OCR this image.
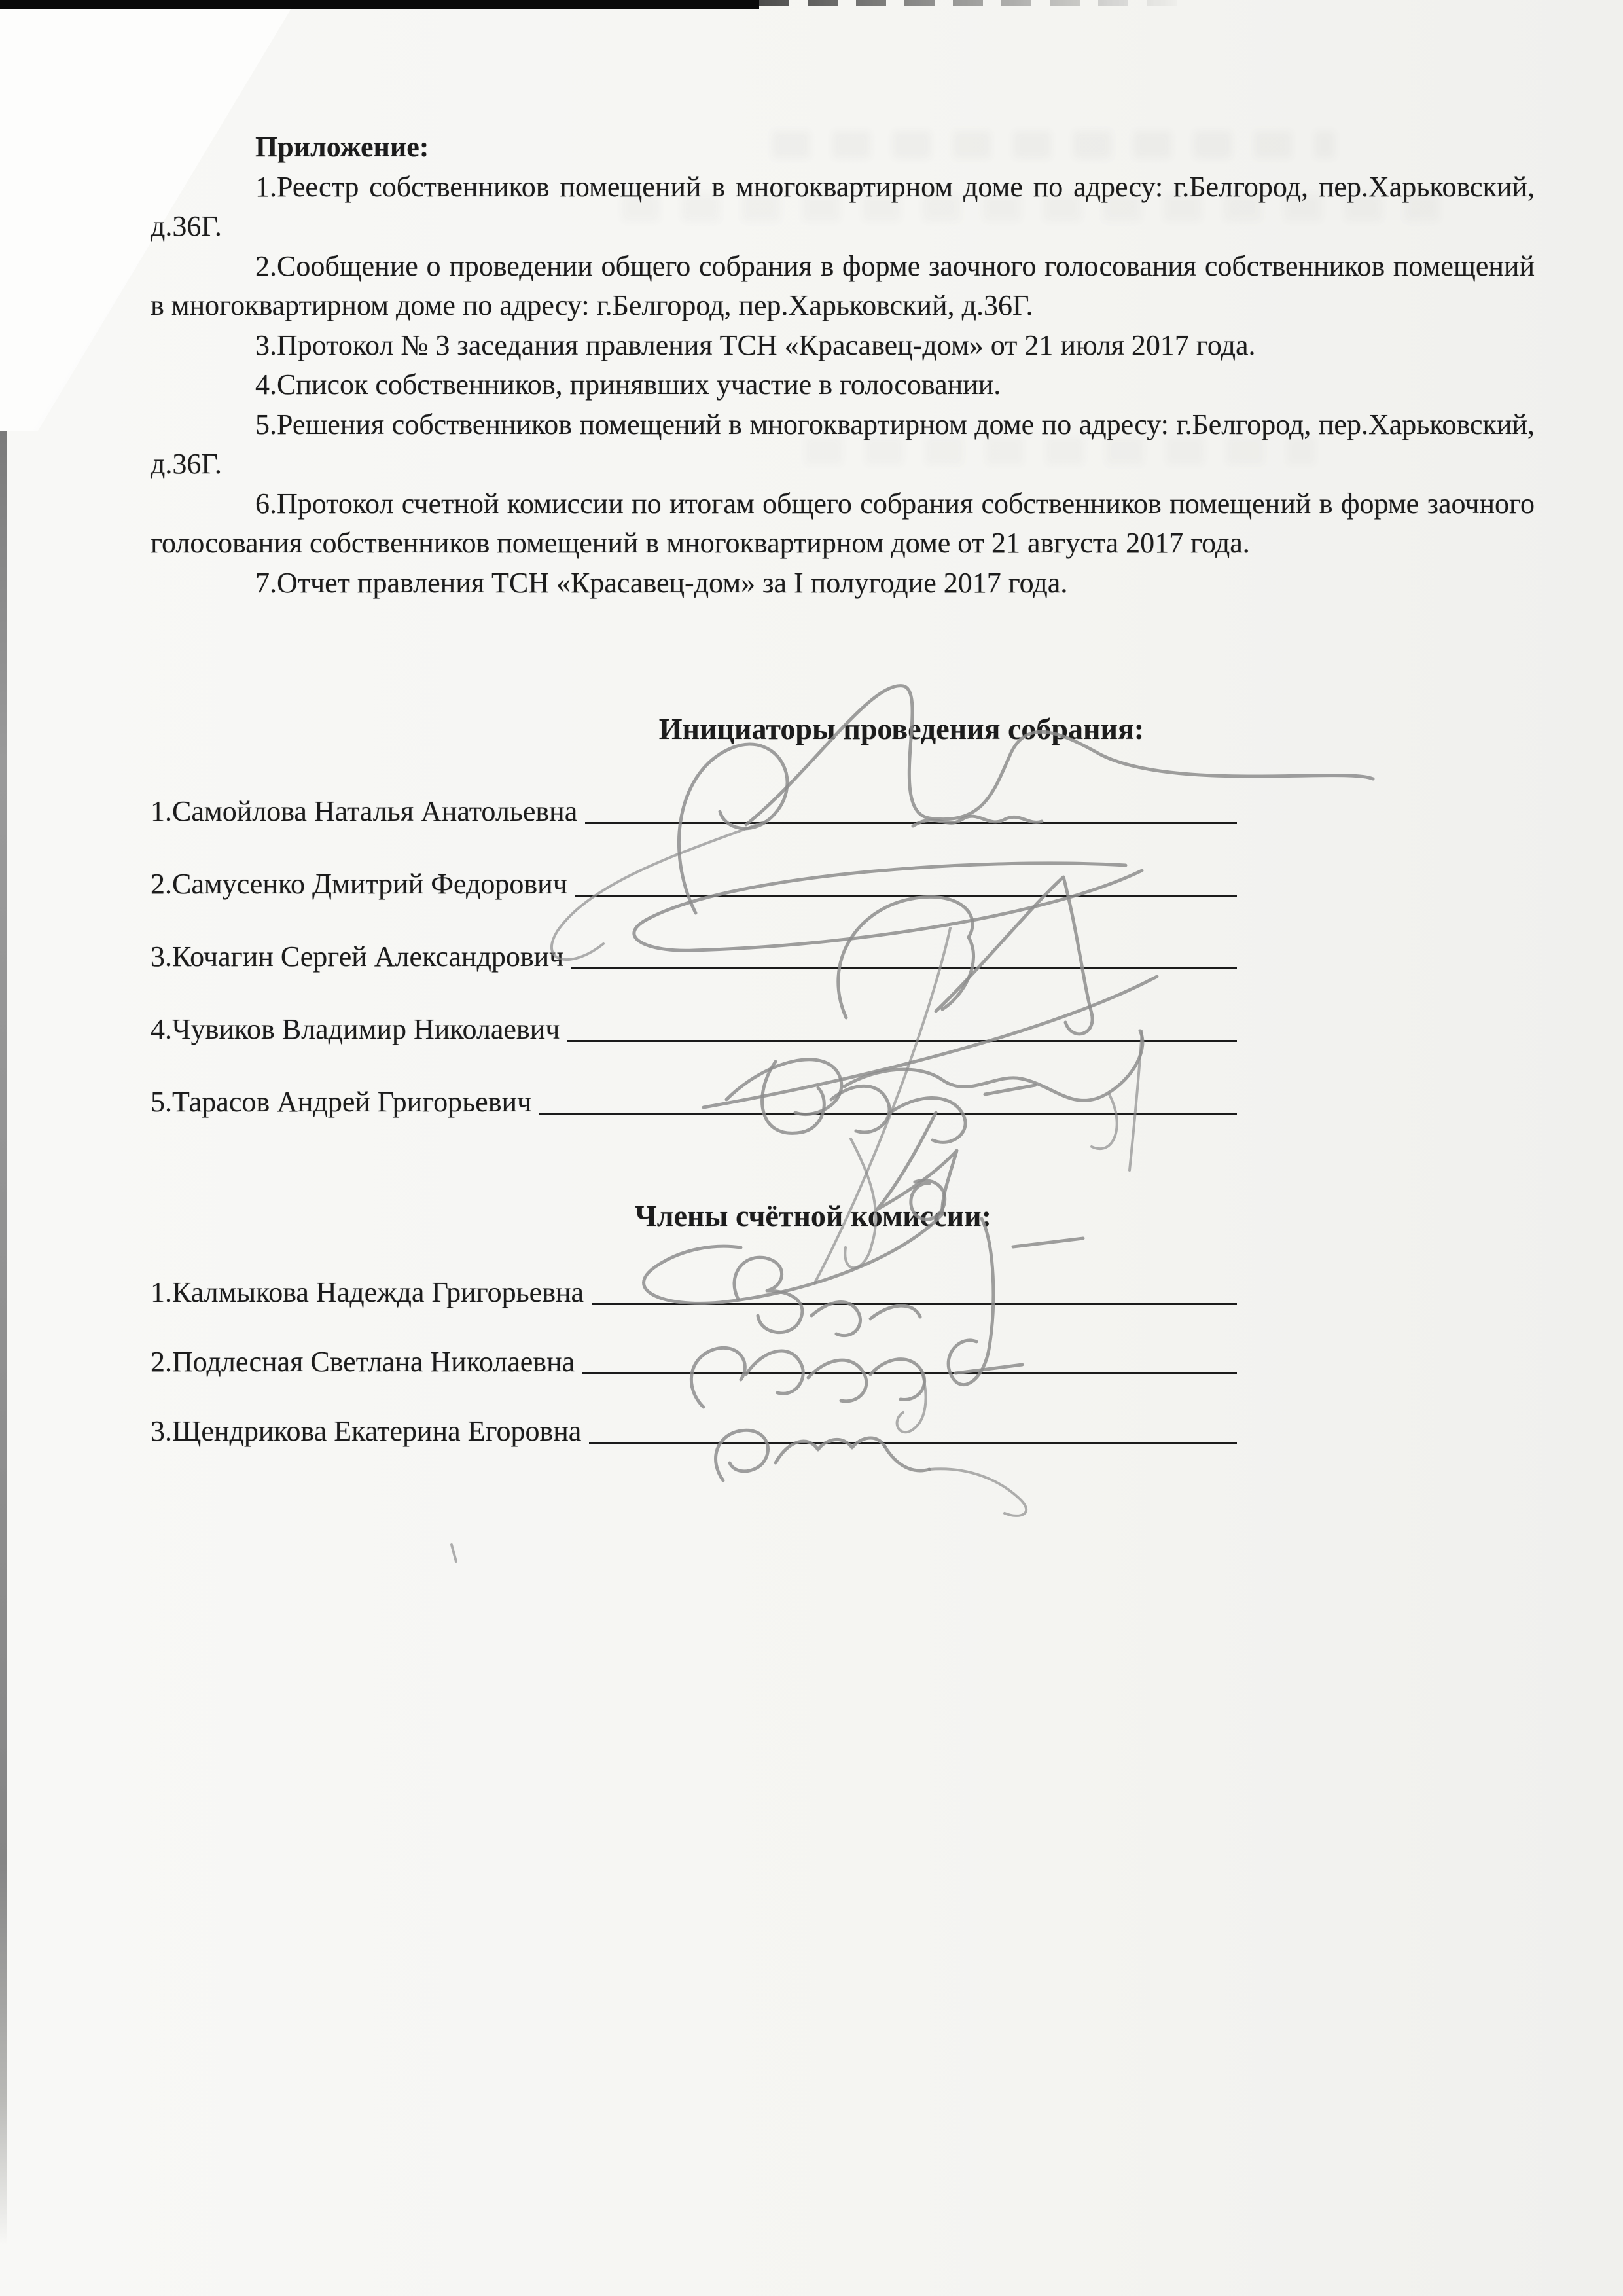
Приложение:

1.Реестр собственников помещений в многоквартирном доме по адресу: г.Белгород, пер.Харьковский, д.36Г.

2.Сообщение о проведении общего собрания в форме заочного голосования собственников помещений в многоквартирном доме по адресу: г.Белгород, пер.Харьковский, д.36Г.

3.Протокол № 3 заседания правления ТСН «Красавец-дом» от 21 июля 2017 года.

4.Список собственников, принявших участие в голосовании.

5.Решения собственников помещений в многоквартирном доме по адресу: г.Белгород, пер.Харьковский, д.36Г.

6.Протокол счетной комиссии по итогам общего собрания собственников помещений в форме заочного голосования собственников помещений в многоквартирном доме от 21 августа 2017 года.

7.Отчет правления ТСН «Красавец-дом» за I полугодие 2017 года.

Инициаторы проведения собрания:
1.Самойлова Наталья Анатольевна
2.Самусенко Дмитрий Федорович
3.Кочагин Сергей Александрович
4.Чувиков Владимир Николаевич
5.Тарасов Андрей Григорьевич
Члены счётной комиссии:
1.Калмыкова Надежда Григорьевна
2.Подлесная Светлана Николаевна
3.Щендрикова Екатерина Егоровна
